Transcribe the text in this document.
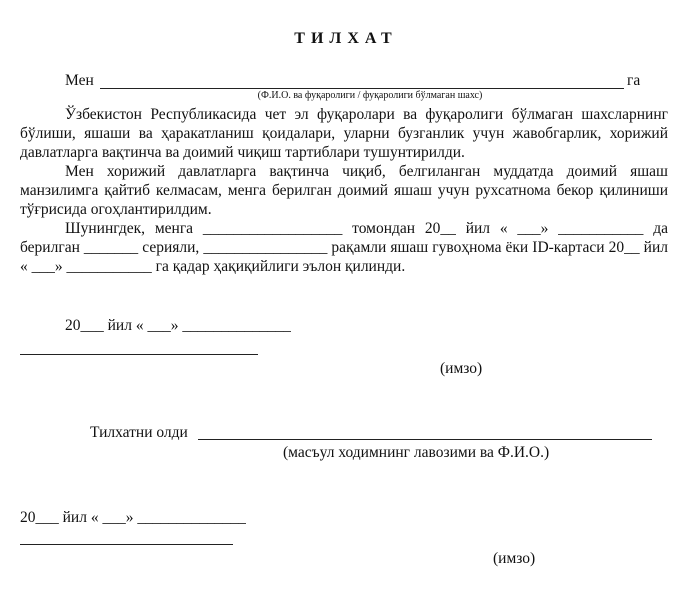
ТИЛХАТ
Мен	га
(Ф.И.О. ва фуқаролиги / фуқаролиги бўлмаган шахс)
Ўзбекистон Республикасида чет эл фуқаролари ва фуқаролиги бўлмаган шахсларнинг бўлиши, яшаши ва ҳаракатланиш қоидалари, уларни бузганлик учун жавобгарлик, хорижий давлатларга вақтинча ва доимий чиқиш тартиблари тушунтирилди.
Мен хорижий давлатларга вақтинча чиқиб, белгиланган муддатда доимий яшаш манзилимга қайтиб келмасам, менга берилган доимий яшаш учун рухсатнома бекор қилиниши тўғрисида огоҳлантирилдим.
Шунингдек, менга __________________ томондан 20__ йил « ___» ___________ да берилган _______ серияли, ________________ рақамли яшаш гувоҳнома ёки ID-картаси 20__ йил « ___» ___________ га қадар ҳақиқийлиги эълон қилинди.
20___ йил « ___» ______________
(имзо)
Тилхатни олди
(масъул ходимнинг лавозими ва Ф.И.О.)
20___ йил « ___» ______________
(имзо)
